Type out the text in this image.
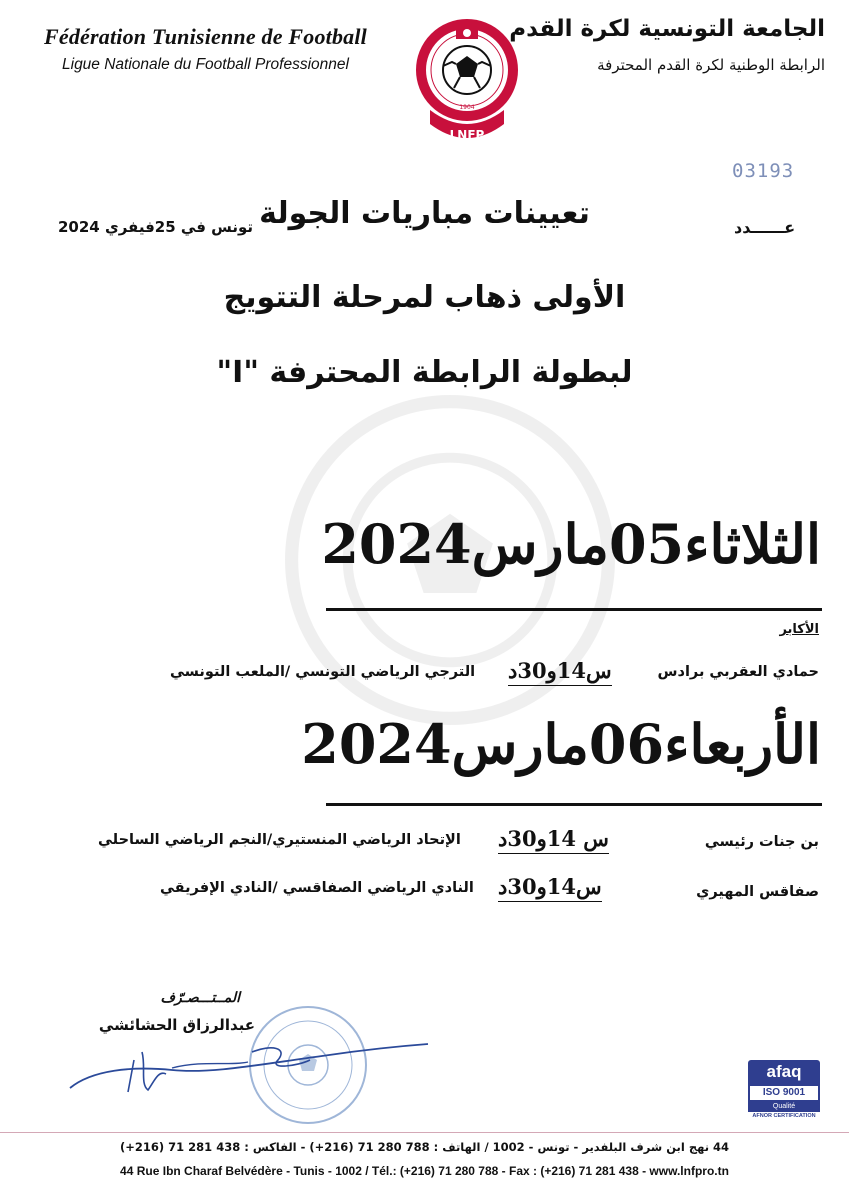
Fédération Tunisienne de Football
Ligue Nationale du Football Professionnel
الجامعة التونسية لكرة القدم
الرابطة الوطنية لكرة القدم المحترفة
1904
LNFP
03193
عــــــدد
تونس في 25فيفري 2024 تعيينات مباريات الجولة
الأولى ذهاب لمرحلة التتويج
لبطولة الرابطة المحترفة "I"
الثلاثاء05مارس2024
الأكابر
حمادي العقربي برادس
س14و30د
الترجي الرياضي التونسي /الملعب التونسي
الأربعاء06مارس2024
بن جنات رئيسي
س 14و30د
الإتحاد الرياضي المنستيري/النجم الرياضي الساحلي
صفاقس المهيري
س14و30د
النادي الرياضي الصفاقسي /النادي الإفريقي
المــتـــصـرّف
عبدالرزاق الحشائشي
afaq
ISO 9001
Qualité
AFNOR CERTIFICATION
44 نهج ابن شرف البلفدير - تونس - 1002 / الهاتف : 788 280 71 (216+) - الفاكس : 438 281 71 (216+)
44 Rue Ibn Charaf Belvédère - Tunis - 1002 / Tél.: (+216) 71 280 788 - Fax : (+216) 71 281 438 - www.lnfpro.tn
